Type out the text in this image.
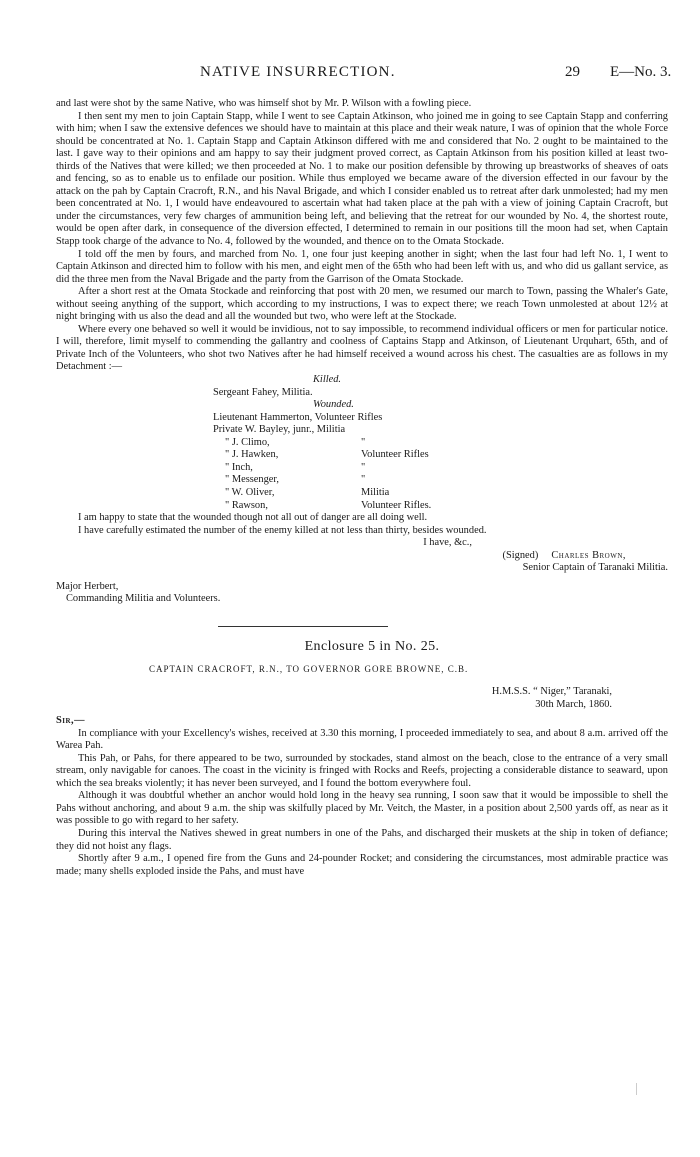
NATIVE INSURRECTION.	29 E—No. 3.

and last were shot by the same Native, who was himself shot by Mr. P. Wilson with a fowling piece.

I then sent my men to join Captain Stapp, while I went to see Captain Atkinson, who joined me in going to see Captain Stapp and conferring with him; when I saw the extensive defences we should have to maintain at this place and their weak nature, I was of opinion that the whole Force should be concentrated at No. 1. Captain Stapp and Captain Atkinson differed with me and considered that No. 2 ought to be maintained to the last. I gave way to their opinions and am happy to say their judgment proved correct, as Captain Atkinson from his position killed at least two-thirds of the Natives that were killed; we then proceeded at No. 1 to make our position defensible by throwing up breastworks of sheaves of oats and fencing, so as to enable us to enfilade our position. While thus employed we became aware of the diversion effected in our favour by the attack on the pah by Captain Cracroft, R.N., and his Naval Brigade, and which I consider enabled us to retreat after dark unmolested; had my men been concentrated at No. 1, I would have endeavoured to ascertain what had taken place at the pah with a view of joining Captain Cracroft, but under the circumstances, very few charges of ammunition being left, and believing that the retreat for our wounded by No. 4, the shortest route, would be open after dark, in consequence of the diversion effected, I determined to remain in our positions till the moon had set, when Captain Stapp took charge of the advance to No. 4, followed by the wounded, and thence on to the Omata Stockade.

I told off the men by fours, and marched from No. 1, one four just keeping another in sight; when the last four had left No. 1, I went to Captain Atkinson and directed him to follow with his men, and eight men of the 65th who had been left with us, and who did us gallant service, as did the three men from the Naval Brigade and the party from the Garrison of the Omata Stockade.

After a short rest at the Omata Stockade and reinforcing that post with 20 men, we resumed our march to Town, passing the Whaler's Gate, without seeing anything of the support, which according to my instructions, I was to expect there; we reach Town unmolested at about 12½ at night bringing with us also the dead and all the wounded but two, who were left at the Stockade.

Where every one behaved so well it would be invidious, not to say impossible, to recommend individual officers or men for particular notice. I will, therefore, limit myself to commending the gallantry and coolness of Captains Stapp and Atkinson, of Lieutenant Urquhart, 65th, and of Private Inch of the Volunteers, who shot two Natives after he had himself received a wound across his chest. The casualties are as follows in my Detachment :—

Killed.
Sergeant Fahey, Militia.
Wounded.
Lieutenant Hammerton, Volunteer Rifles
Private W. Bayley, junr., Militia
" J. Climo,	"
" J. Hawken,	Volunteer Rifles
" Inch,	"
" Messenger,	"
" W. Oliver,	Militia
" Rawson,	Volunteer Rifles.

I am happy to state that the wounded though not all out of danger are all doing well.

I have carefully estimated the number of the enemy killed at not less than thirty, besides wounded.

I have, &c.,
(Signed) Charles Brown,
Senior Captain of Taranaki Militia.
Major Herbert,
Commanding Militia and Volunteers.
Enclosure 5 in No. 25.
CAPTAIN CRACROFT, R.N., TO GOVERNOR GORE BROWNE, C.B.
H.M.S.S. “ Niger,” Taranaki,
30th March, 1860.
Sir,—

In compliance with your Excellency's wishes, received at 3.30 this morning, I proceeded immediately to sea, and about 8 a.m. arrived off the Warea Pah.

This Pah, or Pahs, for there appeared to be two, surrounded by stockades, stand almost on the beach, close to the entrance of a very small stream, only navigable for canoes. The coast in the vicinity is fringed with Rocks and Reefs, projecting a considerable distance to seaward, upon which the sea breaks violently; it has never been surveyed, and I found the bottom everywhere foul.

Although it was doubtful whether an anchor would hold long in the heavy sea running, I soon saw that it would be impossible to shell the Pahs without anchoring, and about 9 a.m. the ship was skilfully placed by Mr. Veitch, the Master, in a position about 2,500 yards off, as near as it was possible to go with regard to her safety.

During this interval the Natives shewed in great numbers in one of the Pahs, and discharged their muskets at the ship in token of defiance; they did not hoist any flags.

Shortly after 9 a.m., I opened fire from the Guns and 24-pounder Rocket; and considering the circumstances, most admirable practice was made; many shells exploded inside the Pahs, and must have
